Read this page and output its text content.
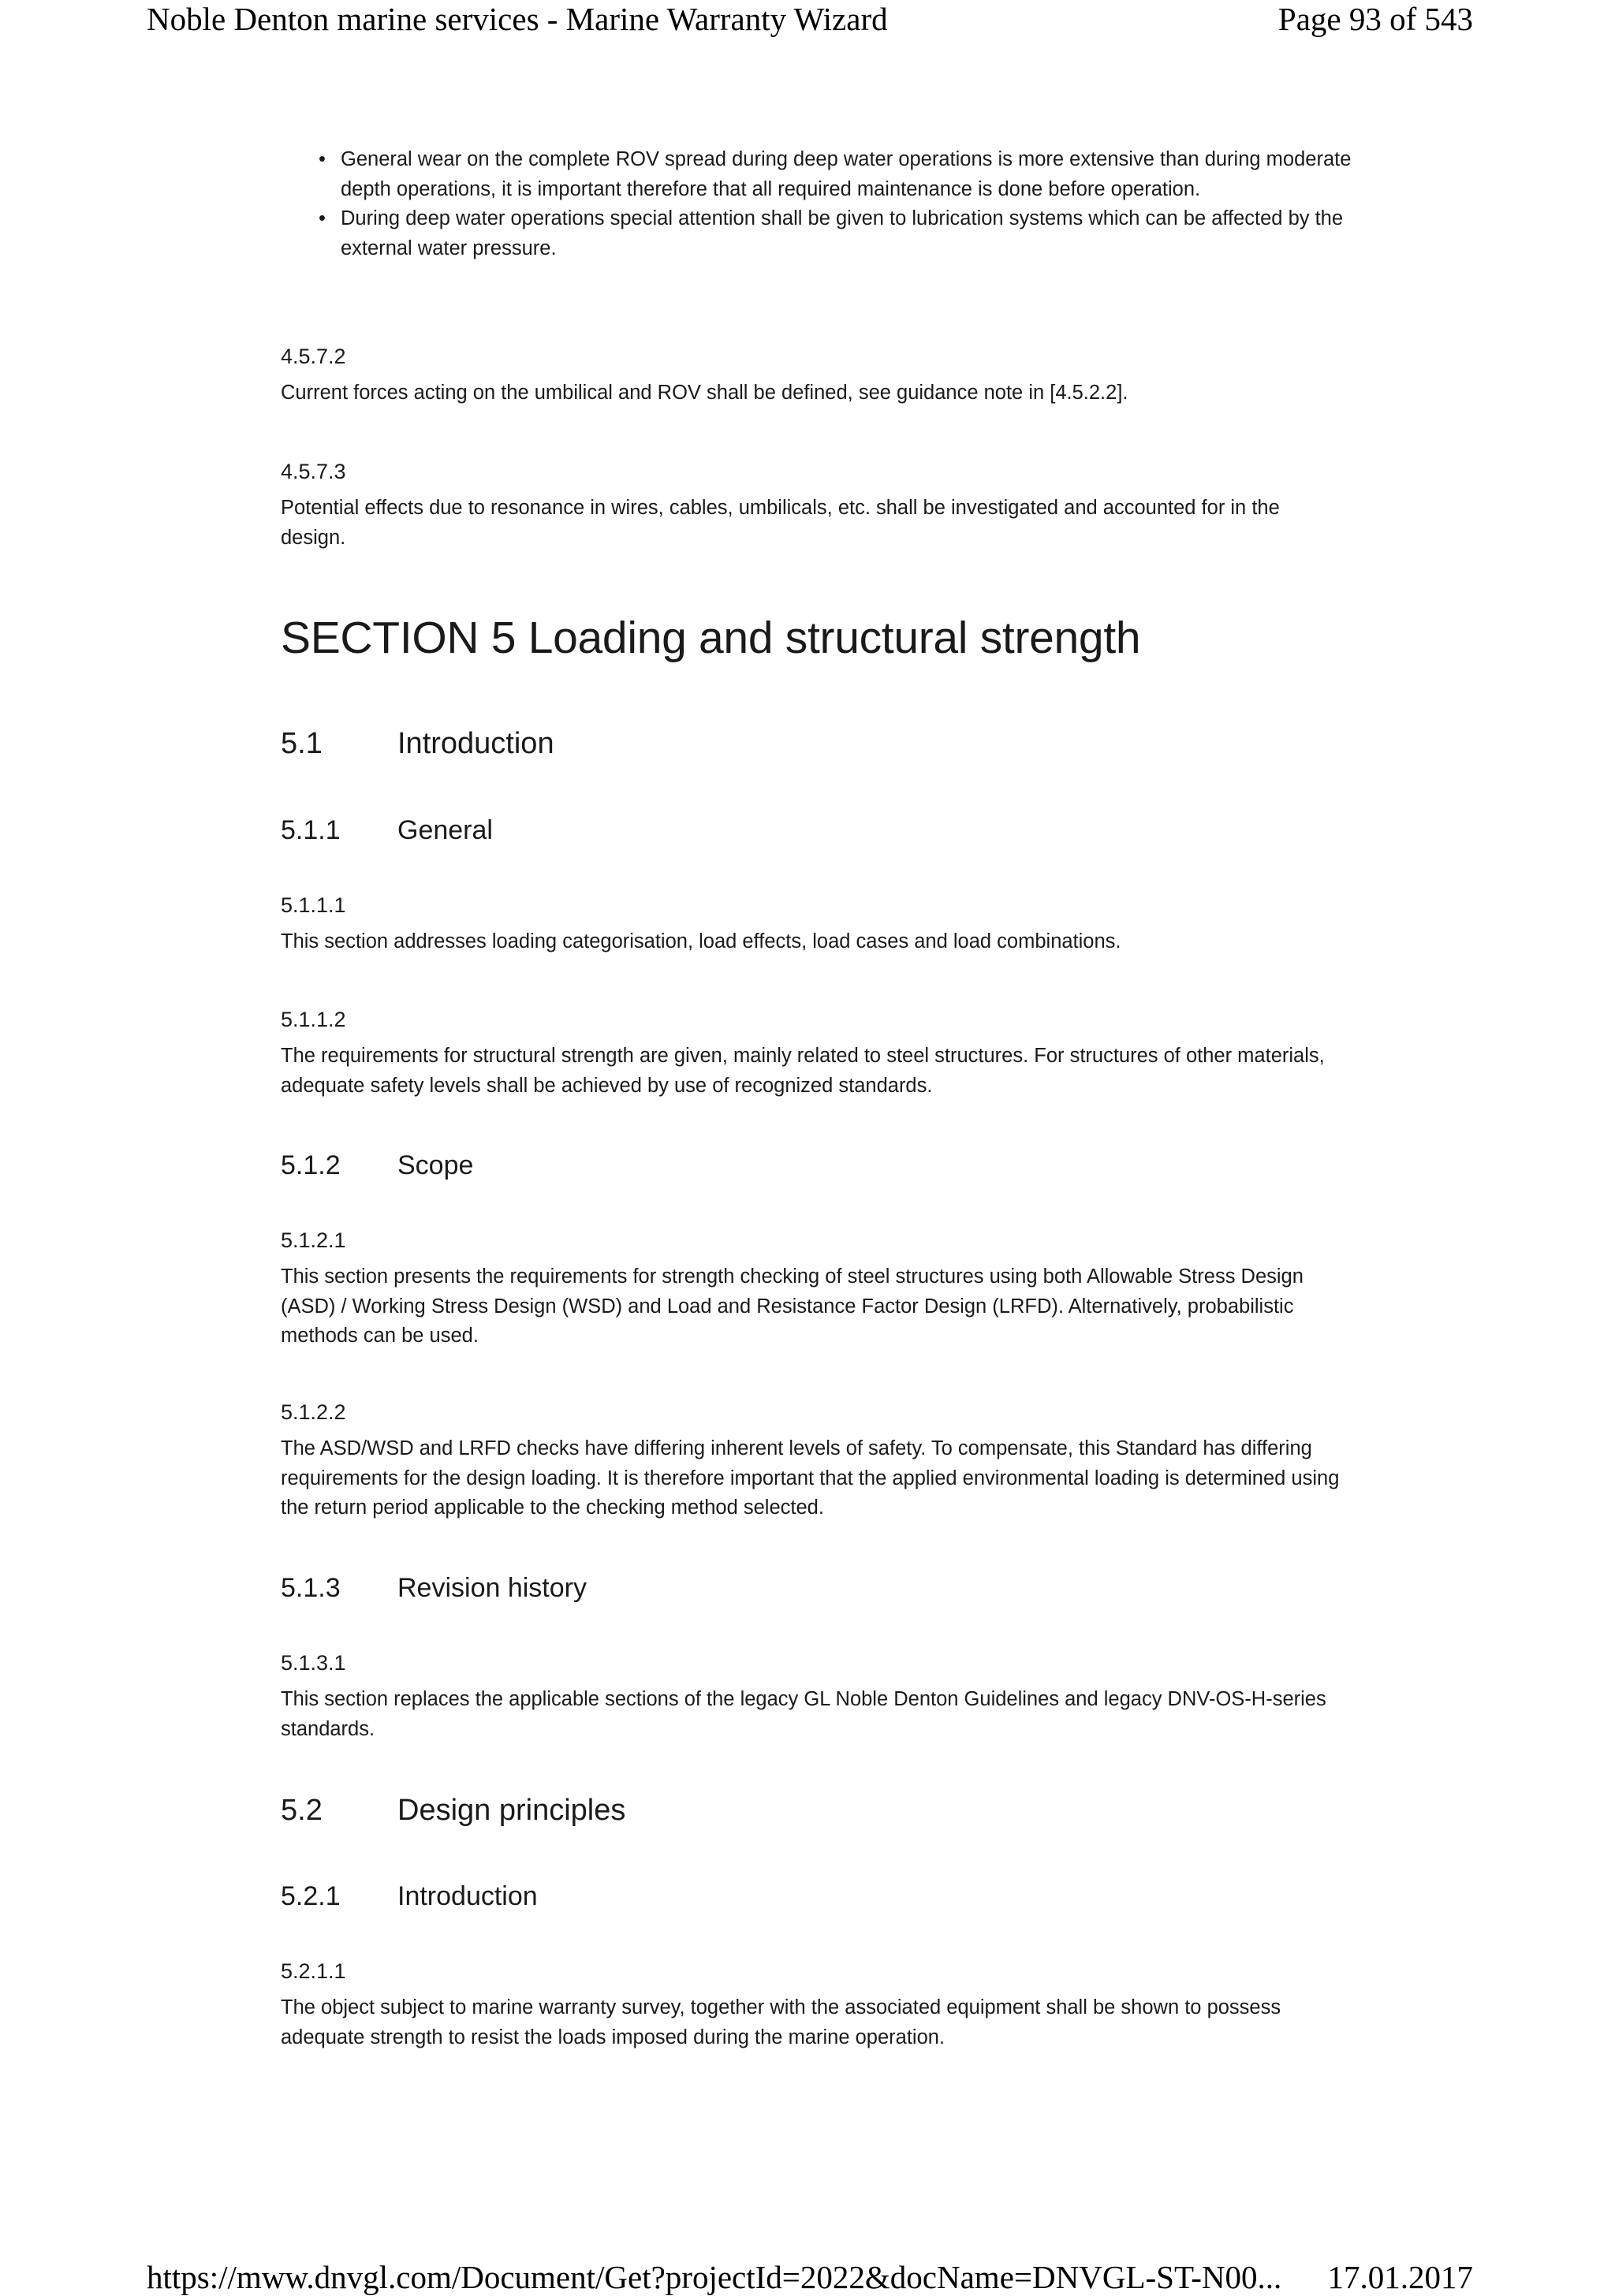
Noble Denton marine services - Marine Warranty Wizard	Page 93 of 543
• General wear on the complete ROV spread during deep water operations is more extensive than during moderate depth operations, it is important therefore that all required maintenance is done before operation.
• During deep water operations special attention shall be given to lubrication systems which can be affected by the external water pressure.

4.5.7.2

Current forces acting on the umbilical and ROV shall be defined, see guidance note in [4.5.2.2].

4.5.7.3

Potential effects due to resonance in wires, cables, umbilicals, etc. shall be investigated and accounted for in the design.

SECTION 5 Loading and structural strength
5.1	Introduction
5.1.1	General

5.1.1.1

This section addresses loading categorisation, load effects, load cases and load combinations.

5.1.1.2

The requirements for structural strength are given, mainly related to steel structures. For structures of other materials, adequate safety levels shall be achieved by use of recognized standards.

5.1.2	Scope

5.1.2.1

This section presents the requirements for strength checking of steel structures using both Allowable Stress Design (ASD) / Working Stress Design (WSD) and Load and Resistance Factor Design (LRFD). Alternatively, probabilistic methods can be used.

5.1.2.2

The ASD/WSD and LRFD checks have differing inherent levels of safety. To compensate, this Standard has differing requirements for the design loading. It is therefore important that the applied environmental loading is determined using the return period applicable to the checking method selected.

5.1.3	Revision history

5.1.3.1

This section replaces the applicable sections of the legacy GL Noble Denton Guidelines and legacy DNV-OS-H-series standards.

5.2	Design principles
5.2.1	Introduction

5.2.1.1

The object subject to marine warranty survey, together with the associated equipment shall be shown to possess adequate strength to resist the loads imposed during the marine operation.

https://mww.dnvgl.com/Document/Get?projectId=2022&docName=DNVGL-ST-N00... 17.01.2017
